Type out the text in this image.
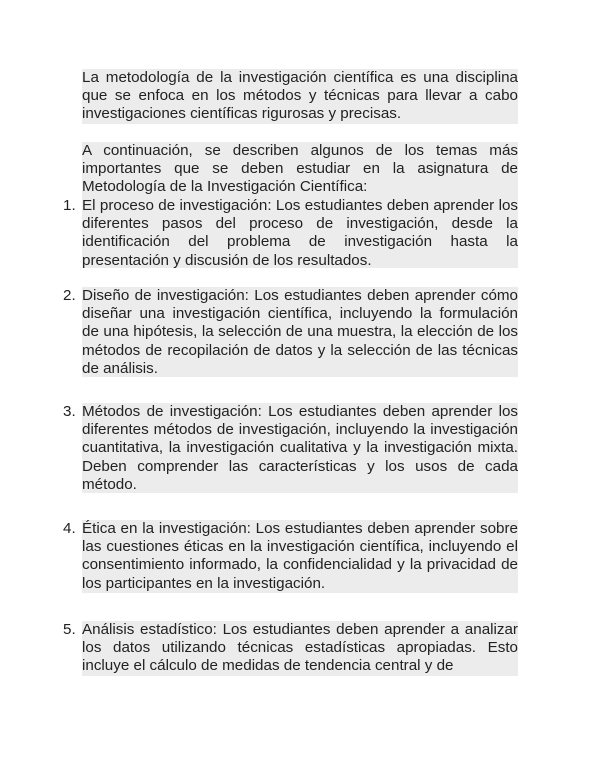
La metodología de la investigación científica es una disciplina que se enfoca en los métodos y técnicas para llevar a cabo investigaciones científicas rigurosas y precisas.

A continuación, se describen algunos de los temas más importantes que se deben estudiar en la asignatura de Metodología de la Investigación Científica:

1. El proceso de investigación: Los estudiantes deben aprender los diferentes pasos del proceso de investigación, desde la identificación del problema de investigación hasta la presentación y discusión de los resultados.

2. Diseño de investigación: Los estudiantes deben aprender cómo diseñar una investigación científica, incluyendo la formulación de una hipótesis, la selección de una muestra, la elección de los métodos de recopilación de datos y la selección de las técnicas de análisis.

3. Métodos de investigación: Los estudiantes deben aprender los diferentes métodos de investigación, incluyendo la investigación cuantitativa, la investigación cualitativa y la investigación mixta. Deben comprender las características y los usos de cada método.

4. Ética en la investigación: Los estudiantes deben aprender sobre las cuestiones éticas en la investigación científica, incluyendo el consentimiento informado, la confidencialidad y la privacidad de los participantes en la investigación.

5. Análisis estadístico: Los estudiantes deben aprender a analizar los datos utilizando técnicas estadísticas apropiadas. Esto incluye el cálculo de medidas de tendencia central y de
